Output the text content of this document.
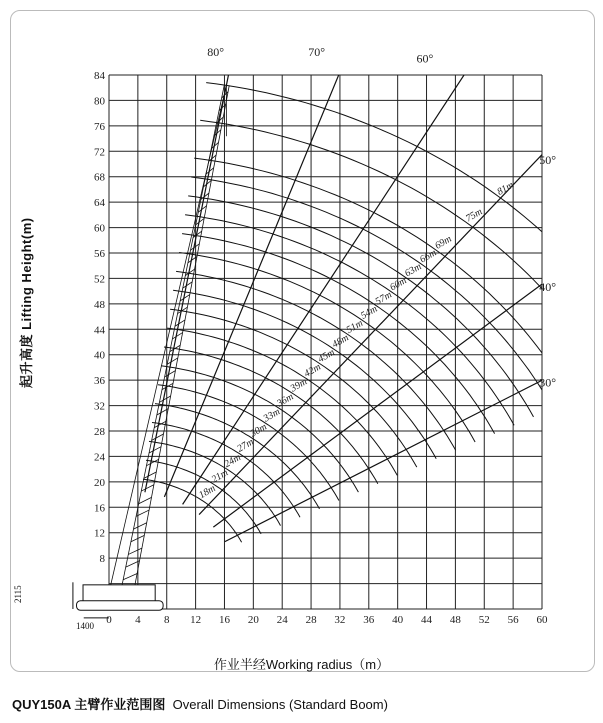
0 4 8 12 16 20 24 28 32 36 40 44 48 52 56 60
8
12
16
20
24
28
32
36
40
44
48
52
56
60
64
68
72
76
80
84
18m
21m
24m
27m
30m
33m
36m
39m
42m
45m
48m
51m
54m
57m
60m
63m
66m
69m
75m
81m
80°	70°	60°
50°
40°
30°
起升高度 Lifting Height(m)
作业半经Working radius（m）
QUY150A 主臂作业范围图 Overall Dimensions (Standard Boom)
2115
1400
